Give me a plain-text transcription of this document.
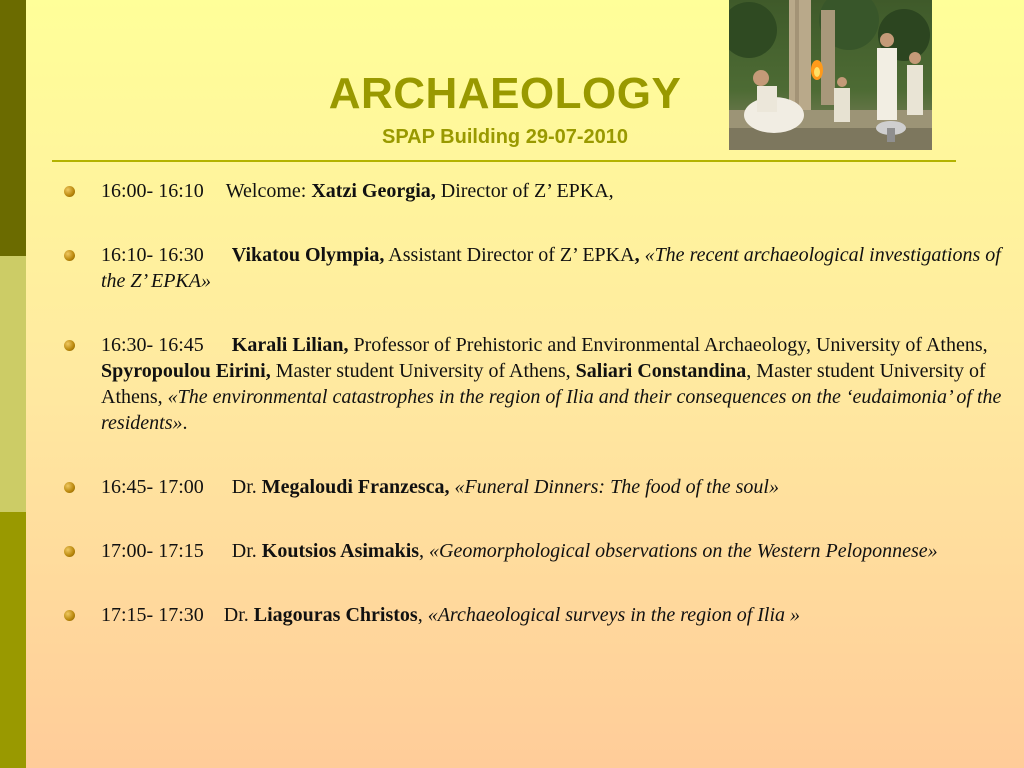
ARCHAEOLOGY
SPAP Building 29-07-2010
16:00- 16:10 Welcome: Xatzi Georgia, Director of Z’ EPKA,
16:10- 16:30 Vikatou Olympia, Assistant Director of Z’ EPKA, «The recent archaeological investigations of the Z’ EPKA»
16:30- 16:45 Karali Lilian, Professor of Prehistoric and Environmental Archaeology, University of Athens, Spyropoulou Eirini, Master student University of Athens, Saliari Constandina, Master student University of Athens, «The environmental catastrophes in the region of Ilia and their consequences on the ‘eudaimonia’ of the residents».
16:45- 17:00 Dr. Megaloudi Franzesca, «Funeral Dinners: The food of the soul»
17:00- 17:15 Dr. Koutsios Asimakis, «Geomorphological observations on the Western Peloponnese»
17:15- 17:30 Dr. Liagouras Christos, «Archaeological surveys in the region of Ilia »
